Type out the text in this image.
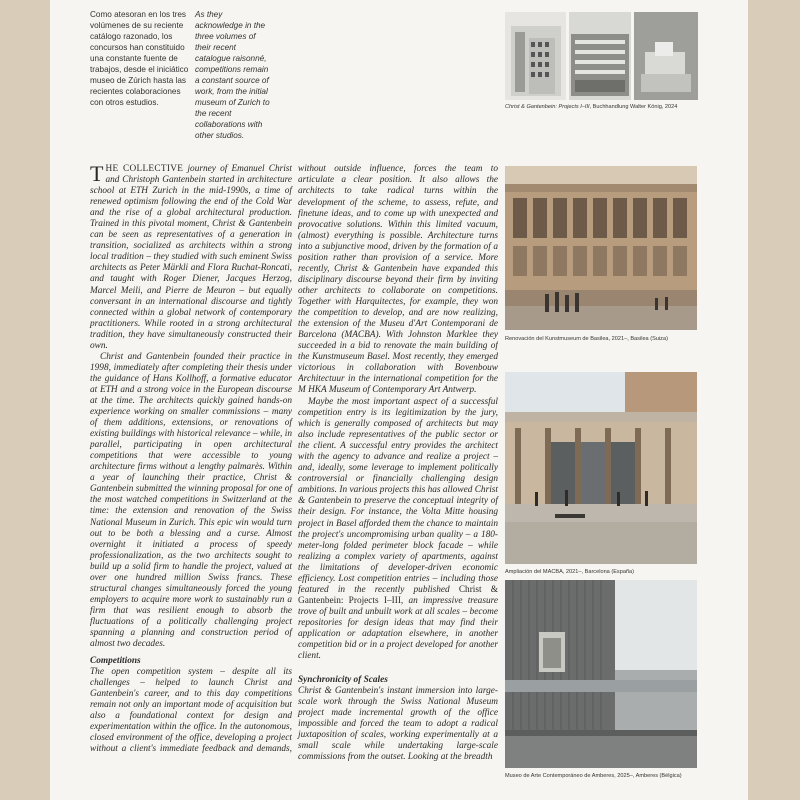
Como atesoran en los tres volúmenes de su reciente catálogo razonado, los concursos han constituido una constante fuente de trabajos, desde el iniciático museo de Zúrich hasta las recientes colaboraciones con otros estudios.
As they acknowledge in the three volumes of their recent catalogue raisonné, competitions remain a constant source of work, from the initial museum of Zurich to the recent collaborations with other studios.
Christ & Gantenbein: Projects I–III, Buchhandlung Walter König, 2024

THE COLLECTIVE journey of Emanuel Christ and Christoph Gantenbein started in architecture school at ETH Zurich in the mid-1990s, a time of renewed optimism following the end of the Cold War and the rise of a global architectural production. Trained in this pivotal moment, Christ & Gantenbein can be seen as representatives of a generation in transition, socialized as architects within a strong local tradition – they studied with such eminent Swiss architects as Peter Märkli and Flora Ruchat-Roncati, and taught with Roger Diener, Jacques Herzog, Marcel Meili, and Pierre de Meuron – but equally conversant in an international discourse and tightly connected within a global network of contemporary practitioners. While rooted in a strong architectural tradition, they have simultaneously constructed their own.

Christ and Gantenbein founded their practice in 1998, immediately after completing their thesis under the guidance of Hans Kollhoff, a formative educator at ETH and a strong voice in the European discourse at the time. The architects quickly gained hands-on experience working on smaller commissions – many of them additions, extensions, or renovations of existing buildings with historical relevance – while, in parallel, participating in open architectural competitions that were accessible to young architecture firms without a lengthy palmarès. Within a year of launching their practice, Christ & Gantenbein submitted the winning proposal for one of the most watched competitions in Switzerland at the time: the extension and renovation of the Swiss National Museum in Zurich. This epic win would turn out to be both a blessing and a curse. Almost overnight it initiated a process of speedy professionalization, as the two architects sought to build up a solid firm to handle the project, valued at over one hundred million Swiss francs. These structural changes simultaneously forced the young employers to acquire more work to sustainably run a firm that was resilient enough to absorb the fluctuations of a politically challenging project spanning a planning and construction period of almost two decades.

Competitions

The open competition system – despite all its challenges – helped to launch Christ and Gantenbein's career, and to this day competitions remain not only an important mode of acquisition but also a foundational context for design and experimentation within the office. In the autonomous, closed environment of the office, developing a project without a client's immediate feedback and demands,

without outside influence, forces the team to articulate a clear position. It also allows the architects to take radical turns within the development of the scheme, to assess, refute, and finetune ideas, and to come up with unexpected and provocative solutions. Within this limited vacuum, (almost) everything is possible. Architecture turns into a subjunctive mood, driven by the formation of a position rather than provision of a service. More recently, Christ & Gantenbein have expanded this disciplinary discourse beyond their firm by inviting other architects to collaborate on competitions. Together with Harquitectes, for example, they won the competition to develop, and are now realizing, the extension of the Museu d'Art Contemporani de Barcelona (MACBA). With Johnston Marklee they succeeded in a bid to renovate the main building of the Kunstmuseum Basel. Most recently, they emerged victorious in collaboration with Bovenbouw Architectuur in the international competition for the M HKA Museum of Contemporary Art Antwerp.

Maybe the most important aspect of a successful competition entry is its legitimization by the jury, which is generally composed of architects but may also include representatives of the public sector or the client. A successful entry provides the architect with the agency to advance and realize a project – and, ideally, some leverage to implement politically controversial or financially challenging design ambitions. In various projects this has allowed Christ & Gantenbein to preserve the conceptual integrity of their design. For instance, the Volta Mitte housing project in Basel afforded them the chance to maintain the project's uncompromising urban quality – a 180-meter-long folded perimeter block facade – while realizing a complex variety of apartments, against the limitations of developer-driven economic efficiency. Lost competition entries – including those featured in the recently published Christ & Gantenbein: Projects I–III, an impressive treasure trove of built and unbuilt work at all scales – become repositories for design ideas that may find their application or adaptation elsewhere, in another competition bid or in a project developed for another client.

Synchronicity of Scales

Christ & Gantenbein's instant immersion into large-scale work through the Swiss National Museum project made incremental growth of the office impossible and forced the team to adopt a radical juxtaposition of scales, working experimentally at a small scale while undertaking large-scale commissions from the outset. Looking at the breadth

Renovación del Kunstmuseum de Basilea, 2021–, Basilea (Suiza)
Ampliación del MACBA, 2021–, Barcelona (España)
Museo de Arte Contemporáneo de Amberes, 2025–, Amberes (Bélgica)
